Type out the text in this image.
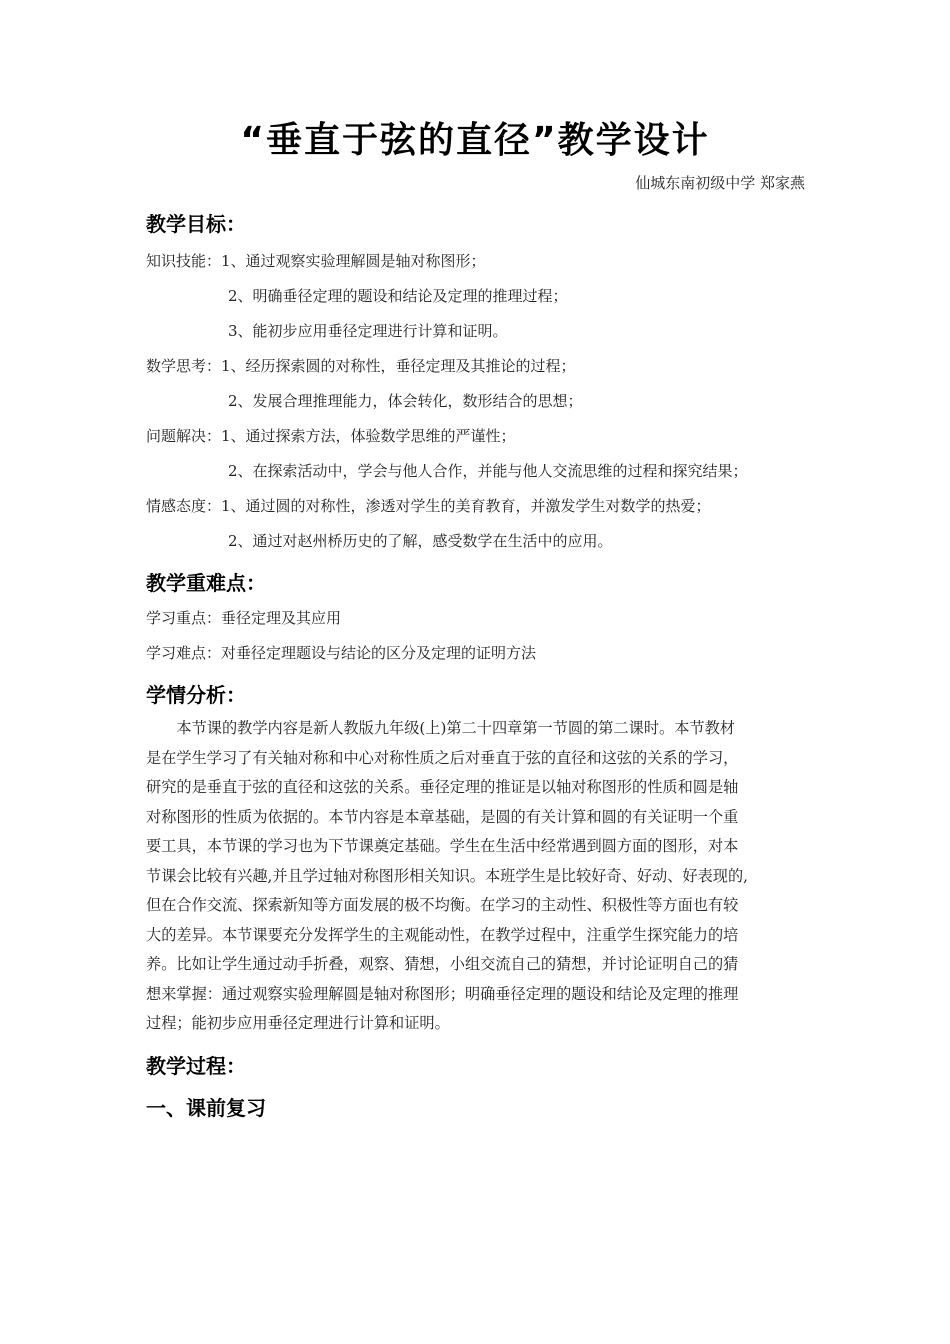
“垂直于弦的直径”教学设计
仙城东南初级中学 郑家燕
教学目标：
知识技能：1、通过观察实验理解圆是轴对称图形；
2、明确垂径定理的题设和结论及定理的推理过程；
3、能初步应用垂径定理进行计算和证明。
数学思考：1、经历探索圆的对称性，垂径定理及其推论的过程；
2、发展合理推理能力，体会转化，数形结合的思想；
问题解决：1、通过探索方法，体验数学思维的严谨性；
2、在探索活动中，学会与他人合作，并能与他人交流思维的过程和探究结果；
情感态度：1、通过圆的对称性，渗透对学生的美育教育，并激发学生对数学的热爱；
2、通过对赵州桥历史的了解，感受数学在生活中的应用。
教学重难点：
学习重点：垂径定理及其应用
学习难点：对垂径定理题设与结论的区分及定理的证明方法
学情分析：
　　本节课的教学内容是新人教版九年级(上)第二十四章第一节圆的第二课时。本节教材
是在学生学习了有关轴对称和中心对称性质之后对垂直于弦的直径和这弦的关系的学习，
研究的是垂直于弦的直径和这弦的关系。垂径定理的推证是以轴对称图形的性质和圆是轴
对称图形的性质为依据的。本节内容是本章基础，是圆的有关计算和圆的有关证明一个重
要工具，本节课的学习也为下节课奠定基础。学生在生活中经常遇到圆方面的图形，对本
节课会比较有兴趣,并且学过轴对称图形相关知识。本班学生是比较好奇、好动、好表现的,
但在合作交流、探索新知等方面发展的极不均衡。在学习的主动性、积极性等方面也有较
大的差异。本节课要充分发挥学生的主观能动性，在教学过程中，注重学生探究能力的培
养。比如让学生通过动手折叠，观察、猜想，小组交流自己的猜想，并讨论证明自己的猜
想来掌握：通过观察实验理解圆是轴对称图形；明确垂径定理的题设和结论及定理的推理
过程；能初步应用垂径定理进行计算和证明。
教学过程：
一、课前复习
